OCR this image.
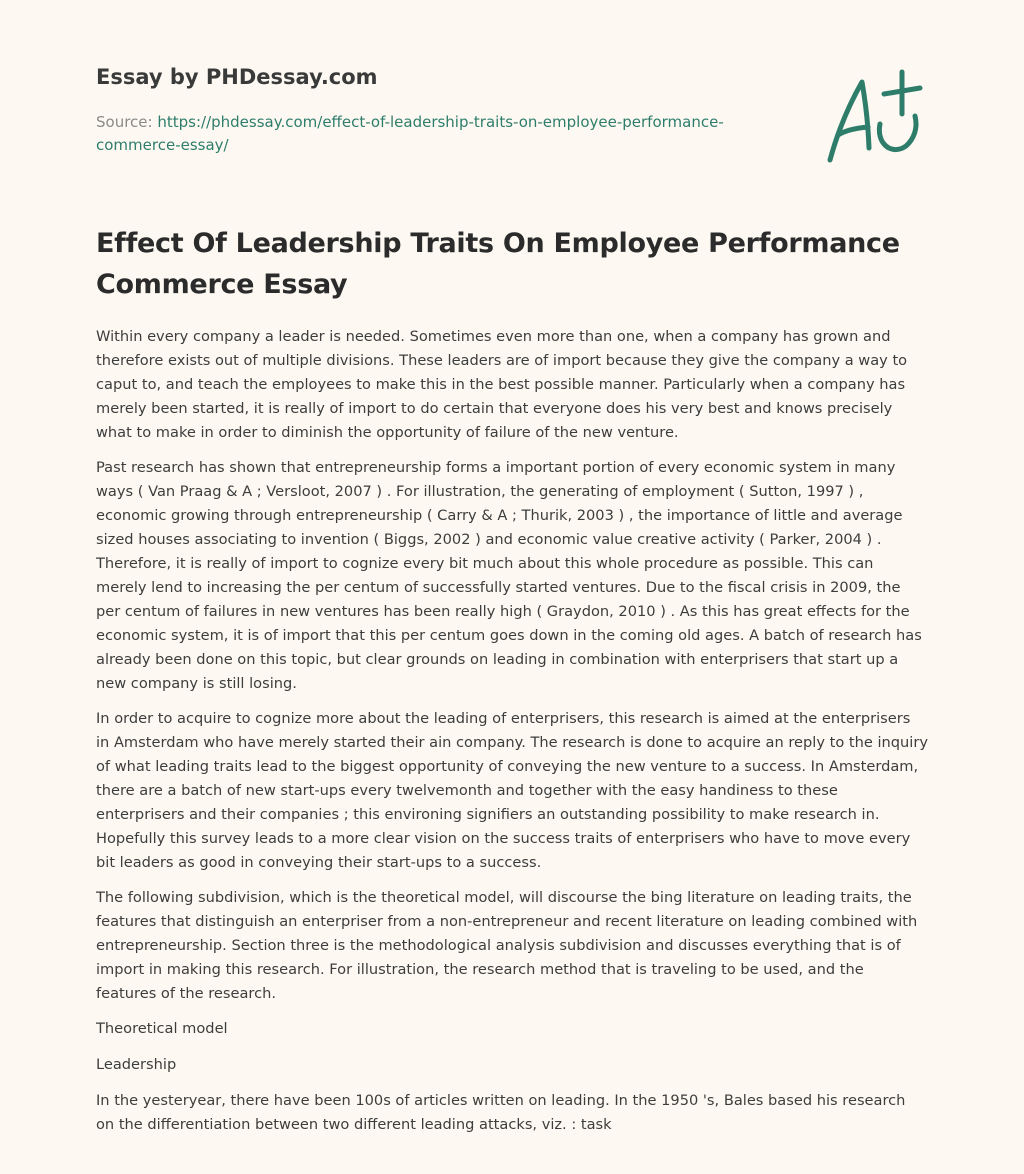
Essay by PHDessay.com
Source: https://phdessay.com/effect-of-leadership-traits-on-employee-performance-commerce-essay/
Effect Of Leadership Traits On Employee Performance Commerce Essay

Within every company a leader is needed. Sometimes even more than one, when a company has grown and therefore exists out of multiple divisions. These leaders are of import because they give the company a way to caput to, and teach the employees to make this in the best possible manner. Particularly when a company has merely been started, it is really of import to do certain that everyone does his very best and knows precisely what to make in order to diminish the opportunity of failure of the new venture.

Past research has shown that entrepreneurship forms a important portion of every economic system in many ways ( Van Praag & A ; Versloot, 2007 ) . For illustration, the generating of employment ( Sutton, 1997 ) , economic growing through entrepreneurship ( Carry & A ; Thurik, 2003 ) , the importance of little and average sized houses associating to invention ( Biggs, 2002 ) and economic value creative activity ( Parker, 2004 ) . Therefore, it is really of import to cognize every bit much about this whole procedure as possible. This can merely lend to increasing the per centum of successfully started ventures. Due to the fiscal crisis in 2009, the per centum of failures in new ventures has been really high ( Graydon, 2010 ) . As this has great effects for the economic system, it is of import that this per centum goes down in the coming old ages. A batch of research has already been done on this topic, but clear grounds on leading in combination with enterprisers that start up a new company is still losing.

In order to acquire to cognize more about the leading of enterprisers, this research is aimed at the enterprisers in Amsterdam who have merely started their ain company. The research is done to acquire an reply to the inquiry of what leading traits lead to the biggest opportunity of conveying the new venture to a success. In Amsterdam, there are a batch of new start-ups every twelvemonth and together with the easy handiness to these enterprisers and their companies ; this environing signifiers an outstanding possibility to make research in. Hopefully this survey leads to a more clear vision on the success traits of enterprisers who have to move every bit leaders as good in conveying their start-ups to a success.

The following subdivision, which is the theoretical model, will discourse the bing literature on leading traits, the features that distinguish an enterpriser from a non-entrepreneur and recent literature on leading combined with entrepreneurship. Section three is the methodological analysis subdivision and discusses everything that is of import in making this research. For illustration, the research method that is traveling to be used, and the features of the research.

Theoretical model

Leadership

In the yesteryear, there have been 100s of articles written on leading. In the 1950 's, Bales based his research on the differentiation between two different leading attacks, viz. : task
